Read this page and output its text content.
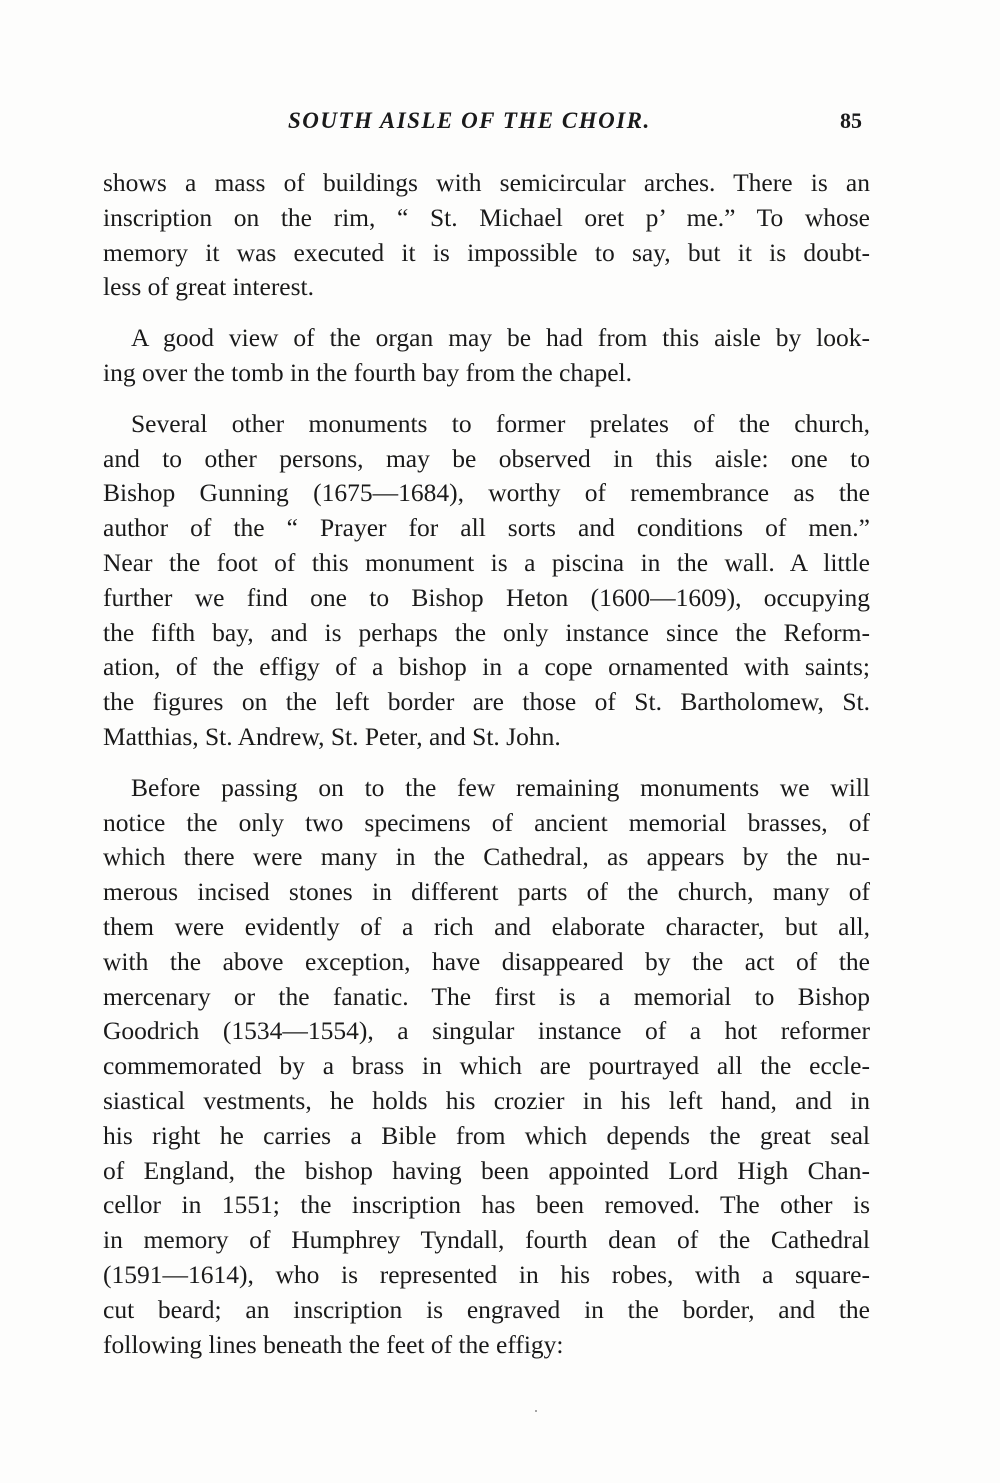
SOUTH AISLE OF THE CHOIR.	85
shows a mass of buildings with semicircular arches. There is an
inscription on the rim, “ St. Michael oret p’ me.” To whose
memory it was executed it is impossible to say, but it is doubt-
less of great interest.
A good view of the organ may be had from this aisle by look-
ing over the tomb in the fourth bay from the chapel.
Several other monuments to former prelates of the church,
and to other persons, may be observed in this aisle: one to
Bishop Gunning (1675—1684), worthy of remembrance as the
author of the “ Prayer for all sorts and conditions of men.”
Near the foot of this monument is a piscina in the wall. A little
further we find one to Bishop Heton (1600—1609), occupying
the fifth bay, and is perhaps the only instance since the Reform-
ation, of the effigy of a bishop in a cope ornamented with saints;
the figures on the left border are those of St. Bartholomew, St.
Matthias, St. Andrew, St. Peter, and St. John.
Before passing on to the few remaining monuments we will
notice the only two specimens of ancient memorial brasses, of
which there were many in the Cathedral, as appears by the nu-
merous incised stones in different parts of the church, many of
them were evidently of a rich and elaborate character, but all,
with the above exception, have disappeared by the act of the
mercenary or the fanatic. The first is a memorial to Bishop
Goodrich (1534—1554), a singular instance of a hot reformer
commemorated by a brass in which are pourtrayed all the eccle-
siastical vestments, he holds his crozier in his left hand, and in
his right he carries a Bible from which depends the great seal
of England, the bishop having been appointed Lord High Chan-
cellor in 1551; the inscription has been removed. The other is
in memory of Humphrey Tyndall, fourth dean of the Cathedral
(1591—1614), who is represented in his robes, with a square-
cut beard; an inscription is engraved in the border, and the
following lines beneath the feet of the effigy:
